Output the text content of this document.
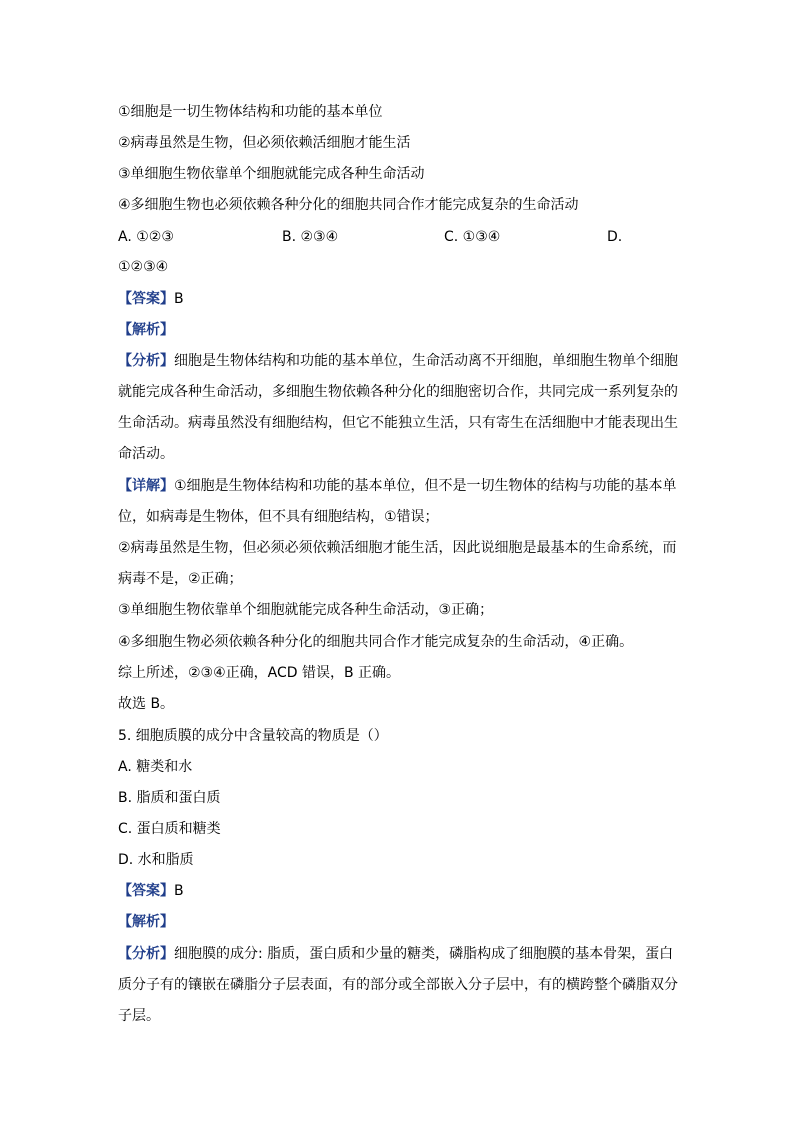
①细胞是一切生物体结构和功能的基本单位
②病毒虽然是生物，但必须依赖活细胞才能生活
③单细胞生物依靠单个细胞就能完成各种生命活动
④多细胞生物也必须依赖各种分化的细胞共同合作才能完成复杂的生命活动
A. ①②③	B. ②③④	C. ①③④	D.
①②③④
【答案】B
【解析】
【分析】细胞是生物体结构和功能的基本单位，生命活动离不开细胞，单细胞生物单个细胞
就能完成各种生命活动，多细胞生物依赖各种分化的细胞密切合作，共同完成一系列复杂的
生命活动。病毒虽然没有细胞结构，但它不能独立生活，只有寄生在活细胞中才能表现出生
命活动。
【详解】①细胞是生物体结构和功能的基本单位，但不是一切生物体的结构与功能的基本单
位，如病毒是生物体，但不具有细胞结构，①错误；
②病毒虽然是生物，但必须必须依赖活细胞才能生活，因此说细胞是最基本的生命系统，而
病毒不是，②正确；
③单细胞生物依靠单个细胞就能完成各种生命活动，③正确；
④多细胞生物必须依赖各种分化的细胞共同合作才能完成复杂的生命活动，④正确。
综上所述，②③④正确，ACD 错误，B 正确。
故选 B。
5. 细胞质膜的成分中含量较高的物质是（）
A. 糖类和水
B. 脂质和蛋白质
C. 蛋白质和糖类
D. 水和脂质
【答案】B
【解析】
【分析】细胞膜的成分: 脂质，蛋白质和少量的糖类，磷脂构成了细胞膜的基本骨架，蛋白
质分子有的镶嵌在磷脂分子层表面，有的部分或全部嵌入分子层中，有的横跨整个磷脂双分
子层。
